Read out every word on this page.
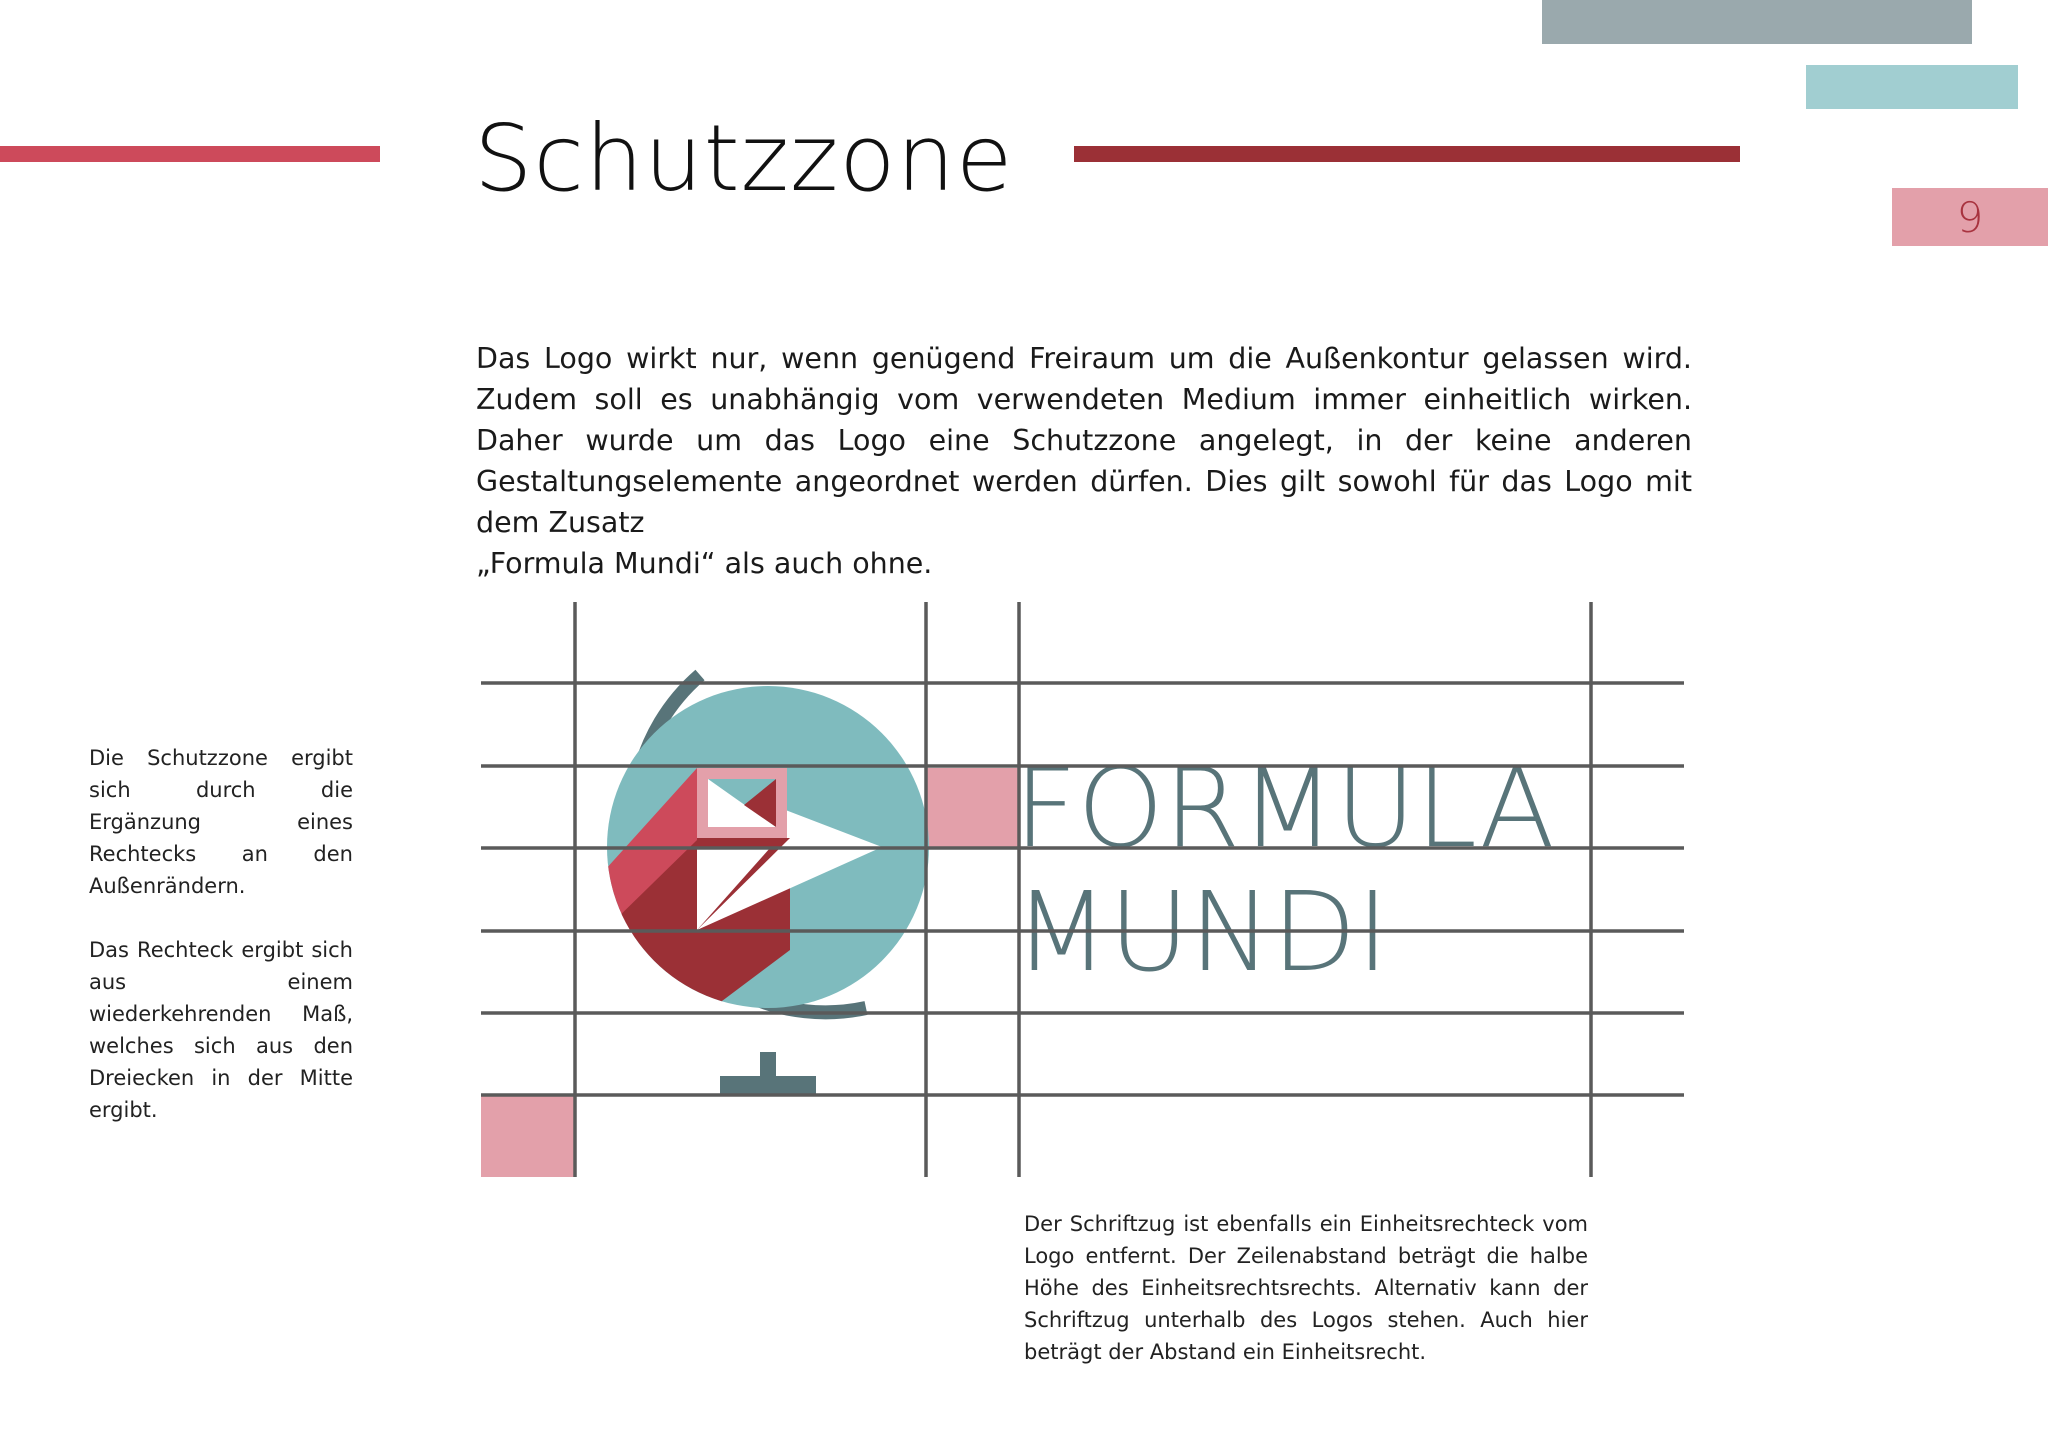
9
Schutzzone

Das Logo wirkt nur, wenn genügend Freiraum um die Außenkontur gelassen wird. Zudem soll es unabhängig vom verwendeten Medium immer einheitlich wirken. Daher wurde um das Logo eine Schutzzone angelegt, in der keine anderen Gestaltungselemente angeordnet werden dürfen. Dies gilt sowohl für das Logo mit dem Zusatz

„Formula Mundi“ als auch ohne.

Die Schutzzone ergibt sich durch die Ergänzung eines Rechtecks an den Außenrändern.

Das Rechteck ergibt sich aus einem wiederkehrenden Maß, welches sich aus den Dreiecken in der Mitte ergibt.

FORMULA
MUNDI
Der Schriftzug ist ebenfalls ein Einheitsrechteck vom Logo entfernt. Der Zeilenabstand beträgt die halbe Höhe des Einheitsrechtsrechts. Alternativ kann der Schriftzug unterhalb des Logos stehen. Auch hier beträgt der Abstand ein Einheitsrecht.
